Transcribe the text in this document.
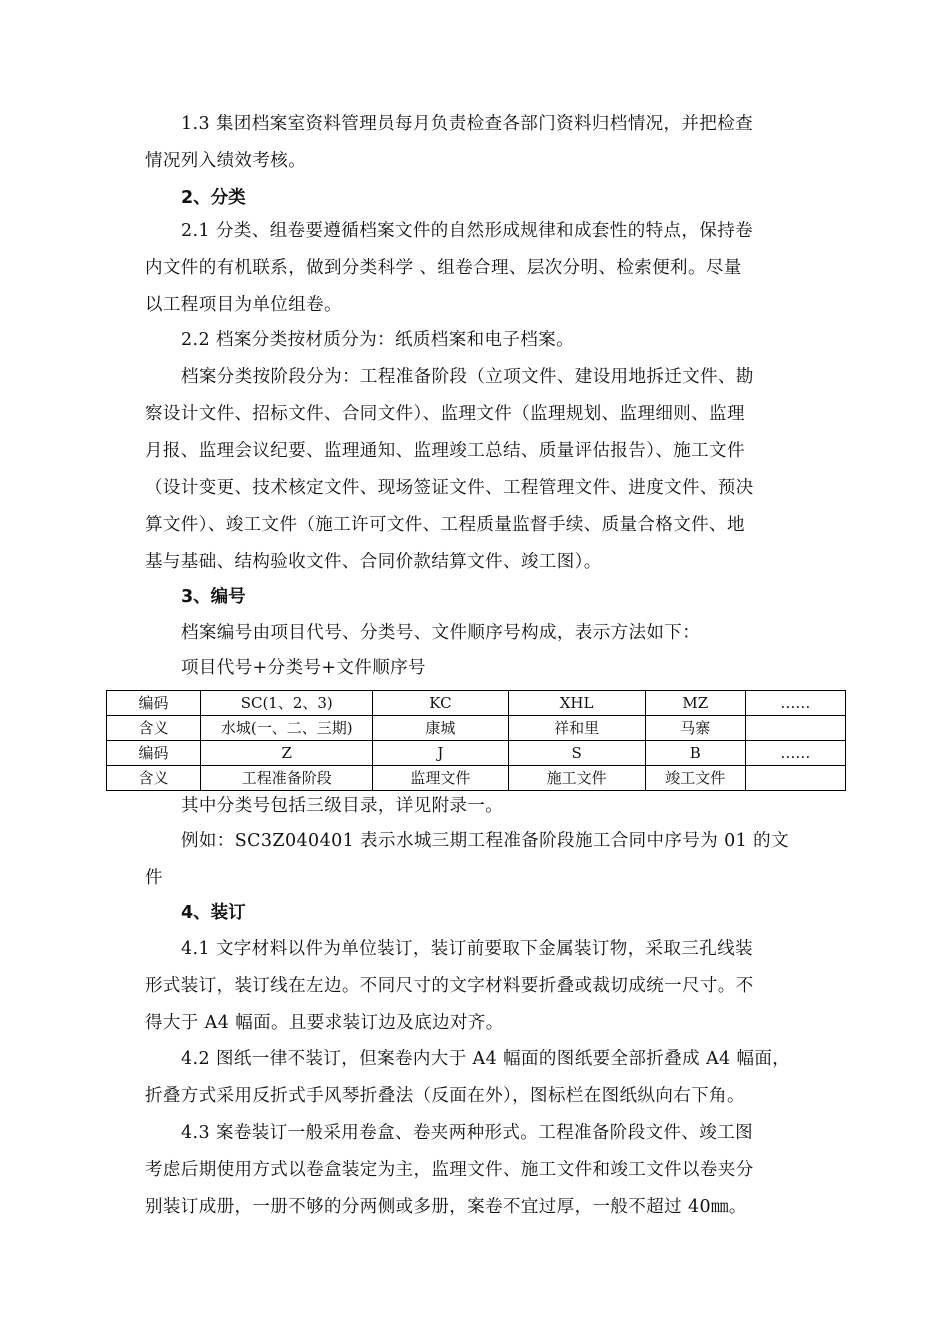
1.3 集团档案室资料管理员每月负责检查各部门资料归档情况，并把检查
情况列入绩效考核。
2、分类
2.1 分类、组卷要遵循档案文件的自然形成规律和成套性的特点，保持卷
内文件的有机联系，做到分类科学 、组卷合理、层次分明、检索便利。尽量
以工程项目为单位组卷。
2.2 档案分类按材质分为：纸质档案和电子档案。
档案分类按阶段分为：工程准备阶段（立项文件、建设用地拆迁文件、勘
察设计文件、招标文件、合同文件）、监理文件（监理规划、监理细则、监理
月报、监理会议纪要、监理通知、监理竣工总结、质量评估报告）、施工文件
（设计变更、技术核定文件、现场签证文件、工程管理文件、进度文件、预决
算文件）、竣工文件（施工许可文件、工程质量监督手续、质量合格文件、地
基与基础、结构验收文件、合同价款结算文件、竣工图）。
3、编号
档案编号由项目代号、分类号、文件顺序号构成，表示方法如下：
项目代号+分类号+文件顺序号
编码	SC(1、2、3)	KC	XHL	MZ	……
含义	水城(一、二、三期)	康城	祥和里	马寨	
编码	Z	J	S	B	……
含义	工程准备阶段	监理文件	施工文件	竣工文件	
其中分类号包括三级目录，详见附录一。
例如：SC3Z040401 表示水城三期工程准备阶段施工合同中序号为 01 的文
件
4、装订
4.1 文字材料以件为单位装订，装订前要取下金属装订物，采取三孔线装
形式装订，装订线在左边。不同尺寸的文字材料要折叠或裁切成统一尺寸。不
得大于 A4 幅面。且要求装订边及底边对齐。
4.2 图纸一律不装订，但案卷内大于 A4 幅面的图纸要全部折叠成 A4 幅面，
折叠方式采用反折式手风琴折叠法（反面在外），图标栏在图纸纵向右下角。
4.3 案卷装订一般采用卷盒、卷夹两种形式。工程准备阶段文件、竣工图
考虑后期使用方式以卷盒装定为主，监理文件、施工文件和竣工文件以卷夹分
别装订成册，一册不够的分两侧或多册，案卷不宜过厚，一般不超过 40㎜。
